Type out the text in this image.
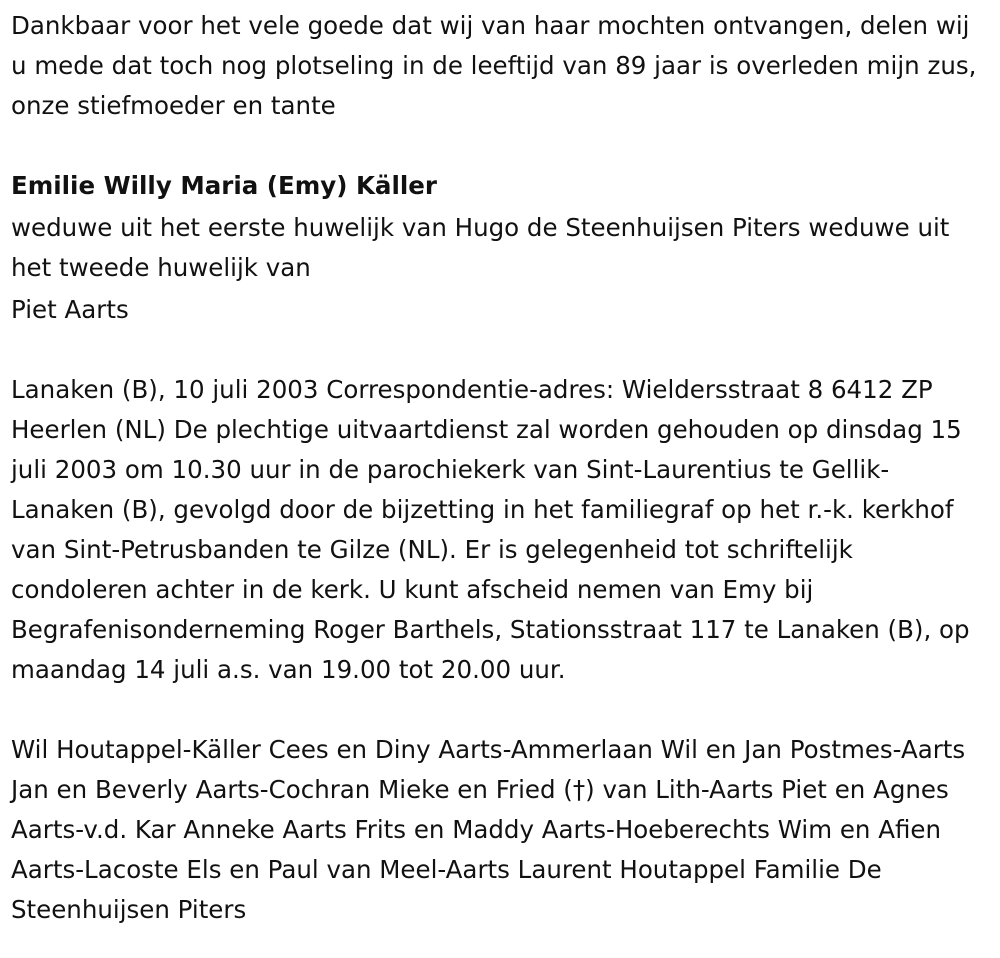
Dankbaar voor het vele goede dat wij van haar mochten ontvangen, delen wij u mede dat toch nog plotseling in de leeftijd van 89 jaar is overleden mijn zus, onze stiefmoeder en tante

Emilie Willy Maria (Emy) Käller

weduwe uit het eerste huwelijk van Hugo de Steenhuijsen Piters weduwe uit het tweede huwelijk van

Piet Aarts

Lanaken (B), 10 juli 2003 Correspondentie-adres: Wieldersstraat 8 6412 ZP Heerlen (NL) De plechtige uitvaartdienst zal worden gehouden op dinsdag 15 juli 2003 om 10.30 uur in de parochiekerk van Sint-Laurentius te Gellik-Lanaken (B), gevolgd door de bijzetting in het familiegraf op het r.-k. kerkhof van Sint-Petrusbanden te Gilze (NL). Er is gelegenheid tot schriftelijk condoleren achter in de kerk. U kunt afscheid nemen van Emy bij Begrafenisonderneming Roger Barthels, Stationsstraat 117 te Lanaken (B), op maandag 14 juli a.s. van 19.00 tot 20.00 uur.

Wil Houtappel-Käller Cees en Diny Aarts-Ammerlaan Wil en Jan Postmes-Aarts Jan en Beverly Aarts-Cochran Mieke en Fried (†) van Lith-Aarts Piet en Agnes Aarts-v.d. Kar Anneke Aarts Frits en Maddy Aarts-Hoeberechts Wim en Afien Aarts-Lacoste Els en Paul van Meel-Aarts Laurent Houtappel Familie De Steenhuijsen Piters
